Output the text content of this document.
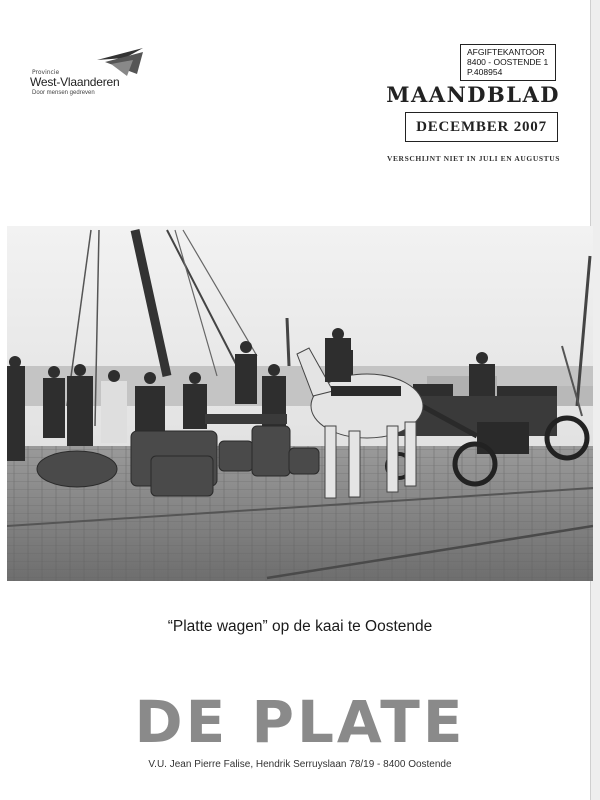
Provincie
West-Vlaanderen
Door mensen gedreven
AFGIFTEKANTOOR
8400 - OOSTENDE 1
P.408954
MAANDBLAD
DECEMBER 2007
VERSCHIJNT NIET IN JULI EN AUGUSTUS
“Platte wagen” op de kaai te Oostende
DE PLATE
V.U. Jean Pierre Falise, Hendrik Serruyslaan 78/19 - 8400 Oostende
